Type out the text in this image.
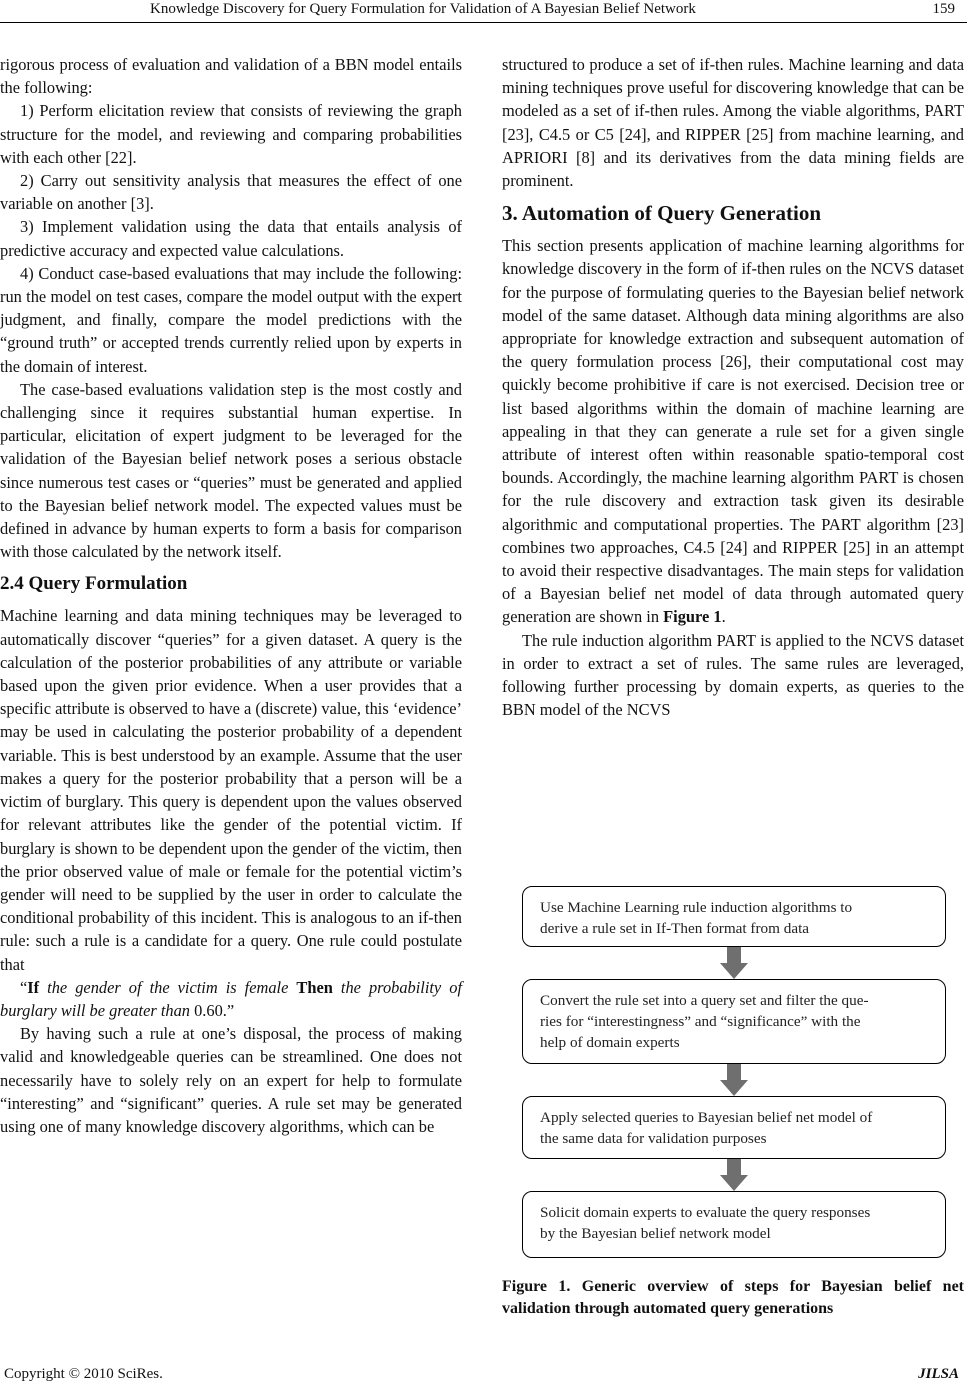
Knowledge Discovery for Query Formulation for Validation of A Bayesian Belief Network	159

rigorous process of evaluation and validation of a BBN model entails the following:

1) Perform elicitation review that consists of reviewing the graph structure for the model, and reviewing and comparing probabilities with each other [22].

2) Carry out sensitivity analysis that measures the effect of one variable on another [3].

3) Implement validation using the data that entails analysis of predictive accuracy and expected value calculations.

4) Conduct case-based evaluations that may include the following: run the model on test cases, compare the model output with the expert judgment, and finally, compare the model predictions with the “ground truth” or accepted trends currently relied upon by experts in the domain of interest.

The case-based evaluations validation step is the most costly and challenging since it requires substantial human expertise. In particular, elicitation of expert judgment to be leveraged for the validation of the Bayesian belief network poses a serious obstacle since numerous test cases or “queries” must be generated and applied to the Bayesian belief network model. The expected values must be defined in advance by human experts to form a basis for comparison with those calculated by the network itself.

2.4 Query Formulation

Machine learning and data mining techniques may be leveraged to automatically discover “queries” for a given dataset. A query is the calculation of the posterior probabilities of any attribute or variable based upon the given prior evidence. When a user provides that a specific attribute is observed to have a (discrete) value, this ‘evidence’ may be used in calculating the posterior probability of a dependent variable. This is best understood by an example. Assume that the user makes a query for the posterior probability that a person will be a victim of burglary. This query is dependent upon the values observed for relevant attributes like the gender of the potential victim. If burglary is shown to be dependent upon the gender of the victim, then the prior observed value of male or female for the potential victim’s gender will need to be supplied by the user in order to calculate the conditional probability of this incident. This is analogous to an if-then rule: such a rule is a candidate for a query. One rule could postulate that

“If the gender of the victim is female Then the probability of burglary will be greater than 0.60.”

By having such a rule at one’s disposal, the process of making valid and knowledgeable queries can be streamlined. One does not necessarily have to solely rely on an expert for help to formulate “interesting” and “significant” queries. A rule set may be generated using one of many knowledge discovery algorithms, which can be

structured to produce a set of if-then rules. Machine learning and data mining techniques prove useful for discovering knowledge that can be modeled as a set of if-then rules. Among the viable algorithms, PART [23], C4.5 or C5 [24], and RIPPER [25] from machine learning, and APRIORI [8] and its derivatives from the data mining fields are prominent.

3. Automation of Query Generation

This section presents application of machine learning algorithms for knowledge discovery in the form of if-then rules on the NCVS dataset for the purpose of formulating queries to the Bayesian belief network model of the same dataset. Although data mining algorithms are also appropriate for knowledge extraction and subsequent automation of the query formulation process [26], their computational cost may quickly become prohibitive if care is not exercised. Decision tree or list based algorithms within the domain of machine learning are appealing in that they can generate a rule set for a given single attribute of interest often within reasonable spatio-temporal cost bounds. Accordingly, the machine learning algorithm PART is chosen for the rule discovery and extraction task given its desirable algorithmic and computational properties. The PART algorithm [23] combines two approaches, C4.5 [24] and RIPPER [25] in an attempt to avoid their respective disadvantages. The main steps for validation of a Bayesian belief net model of data through automated query generation are shown in Figure 1.

The rule induction algorithm PART is applied to the NCVS dataset in order to extract a set of rules. The same rules are leveraged, following further processing by domain experts, as queries to the BBN model of the NCVS

Use Machine Learning rule induction algorithms to
derive a rule set in If-Then format from data
Convert the rule set into a query set and filter the que-
ries for “interestingness” and “significance” with the
help of domain experts
Apply selected queries to Bayesian belief net model of
the same data for validation purposes
Solicit domain experts to evaluate the query responses
by the Bayesian belief network model
Figure 1. Generic overview of steps for Bayesian belief net validation through automated query generations
Copyright © 2010 SciRes.	JILSA
